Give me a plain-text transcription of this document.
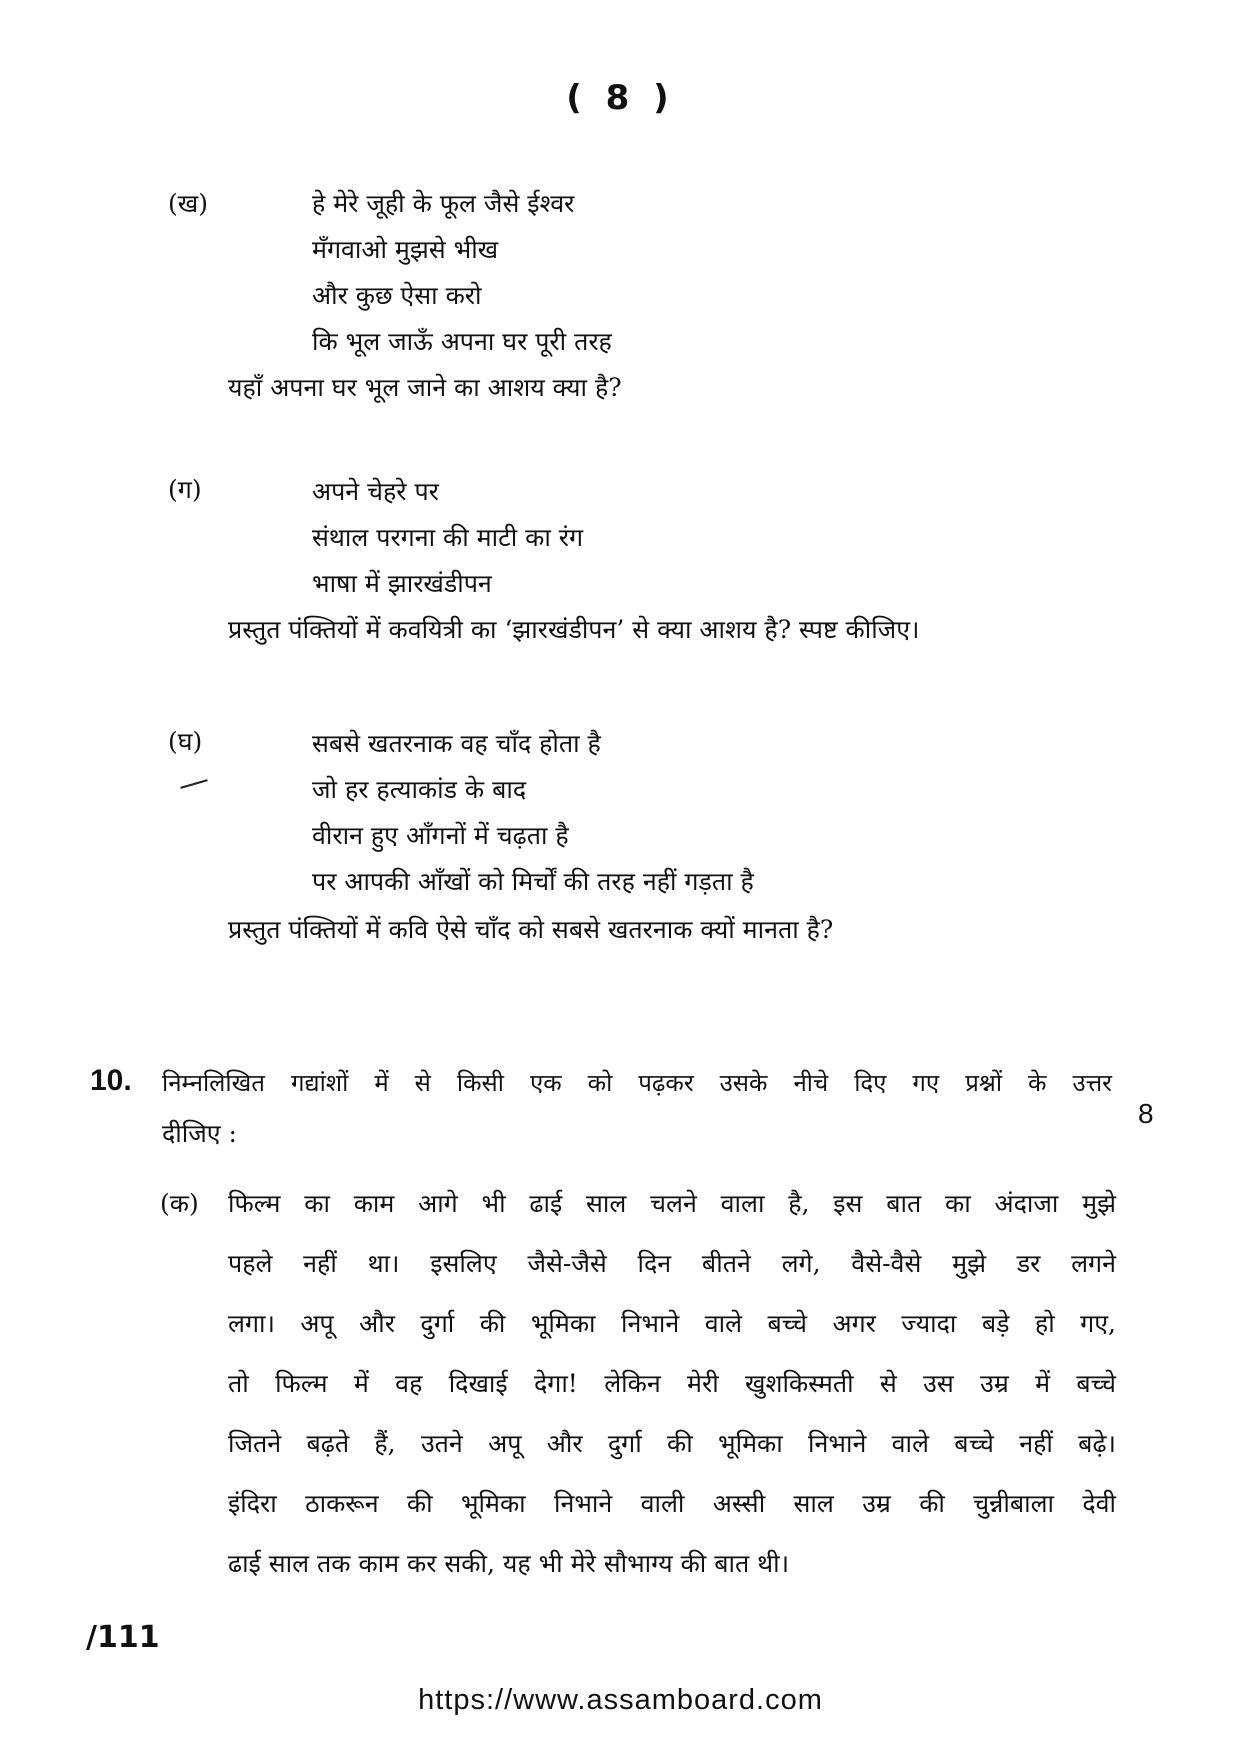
( 8 )
(ख)	हे मेरे जूही के फूल जैसे ईश्वर
मँगवाओ मुझसे भीख
और कुछ ऐसा करो
कि भूल जाऊँ अपना घर पूरी तरह
यहाँ अपना घर भूल जाने का आशय क्या है?
(ग)	अपने चेहरे पर
संथाल परगना की माटी का रंग
भाषा में झारखंडीपन
प्रस्तुत पंक्तियों में कवयित्री का ‘झारखंडीपन’ से क्या आशय है? स्पष्ट कीजिए।
(घ)	सबसे खतरनाक वह चाँद होता है
जो हर हत्याकांड के बाद
वीरान हुए आँगनों में चढ़ता है
पर आपकी आँखों को मिर्चों की तरह नहीं गड़ता है
प्रस्तुत पंक्तियों में कवि ऐसे चाँद को सबसे खतरनाक क्यों मानता है?
10. निम्नलिखित गद्यांशों में से किसी एक को पढ़कर उसके नीचे दिए गए प्रश्नों के उत्तर
दीजिए :
8
(क) फिल्म का काम आगे भी ढाई साल चलने वाला है, इस बात का अंदाजा मुझे
पहले नहीं था। इसलिए जैसे-जैसे दिन बीतने लगे, वैसे-वैसे मुझे डर लगने
लगा। अपू और दुर्गा की भूमिका निभाने वाले बच्चे अगर ज्यादा बड़े हो गए,
तो फिल्म में वह दिखाई देगा! लेकिन मेरी खुशकिस्मती से उस उम्र में बच्चे
जितने बढ़ते हैं, उतने अपू और दुर्गा की भूमिका निभाने वाले बच्चे नहीं बढ़े।
इंदिरा ठाकरून की भूमिका निभाने वाली अस्सी साल उम्र की चुन्नीबाला देवी
ढाई साल तक काम कर सकी, यह भी मेरे सौभाग्य की बात थी।
/111
https://www.assamboard.com
